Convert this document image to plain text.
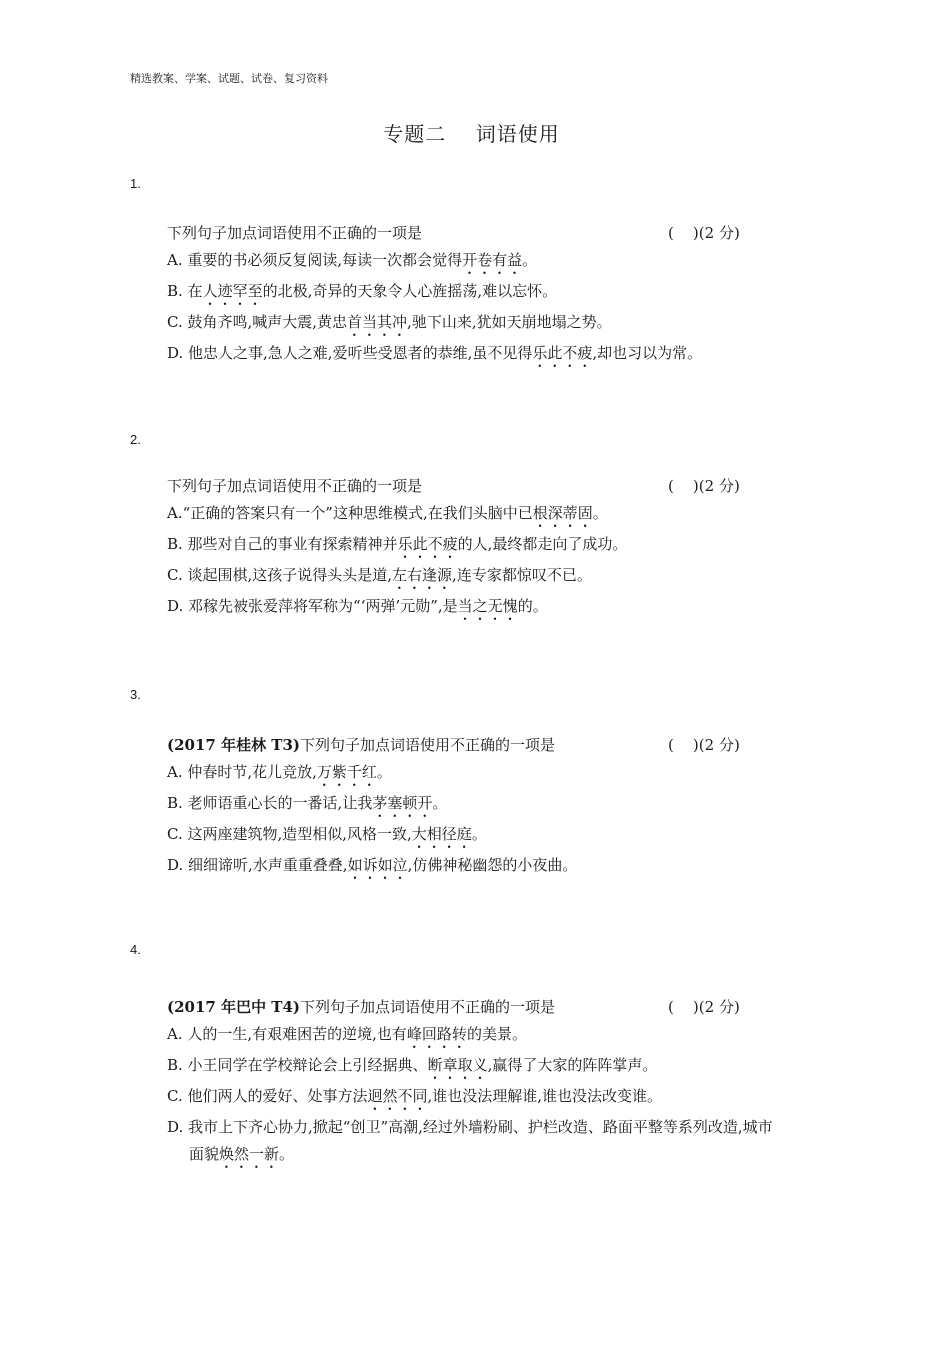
精选教案、学案、试题、试卷、复习资料
专题二    词语使用
1.
下列句子加点词语使用不正确的一项是	(    )(2 分)
A. 重要的书必须反复阅读,每读一次都会觉得开卷有益。
B. 在人迹罕至的北极,奇异的天象令人心旌摇荡,难以忘怀。
C. 鼓角齐鸣,喊声大震,黄忠首当其冲,驰下山来,犹如天崩地塌之势。
D. 他忠人之事,急人之难,爱听些受恩者的恭维,虽不见得乐此不疲,却也习以为常。
2.
下列句子加点词语使用不正确的一项是	(    )(2 分)
A.“正确的答案只有一个”这种思维模式,在我们头脑中已根深蒂固。
B. 那些对自己的事业有探索精神并乐此不疲的人,最终都走向了成功。
C. 谈起围棋,这孩子说得头头是道,左右逢源,连专家都惊叹不已。
D. 邓稼先被张爱萍将军称为“‘两弹’元勋”,是当之无愧的。
3.
(2017 年桂林 T3)下列句子加点词语使用不正确的一项是	(    )(2 分)
A. 仲春时节,花儿竞放,万紫千红。
B. 老师语重心长的一番话,让我茅塞顿开。
C. 这两座建筑物,造型相似,风格一致,大相径庭。
D. 细细谛听,水声重重叠叠,如诉如泣,仿佛神秘幽怨的小夜曲。
4.
(2017 年巴中 T4)下列句子加点词语使用不正确的一项是	(    )(2 分)
A. 人的一生,有艰难困苦的逆境,也有峰回路转的美景。
B. 小王同学在学校辩论会上引经据典、断章取义,赢得了大家的阵阵掌声。
C. 他们两人的爱好、处事方法迥然不同,谁也没法理解谁,谁也没法改变谁。
D. 我市上下齐心协力,掀起“创卫”高潮,经过外墙粉刷、护栏改造、路面平整等系列改造,城市面貌焕然一新。
